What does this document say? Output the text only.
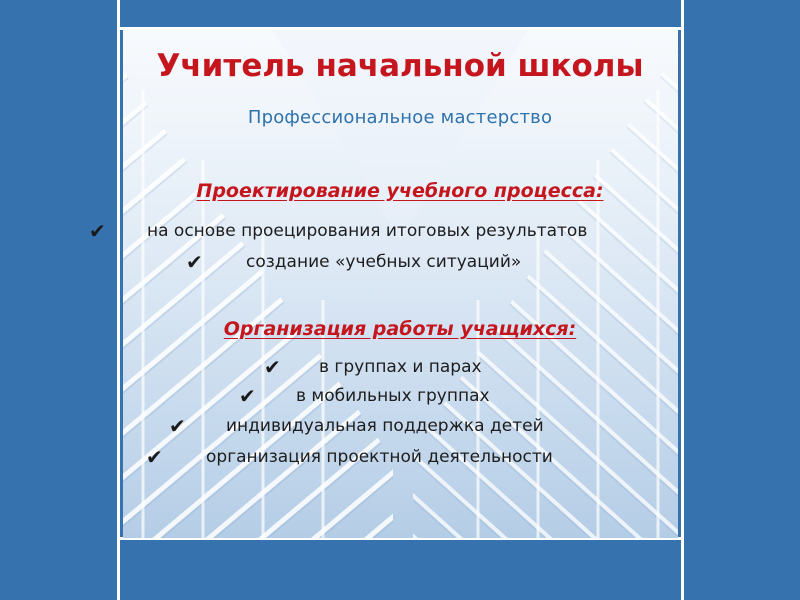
Учитель начальной школы
Профессиональное мастерство
Проектирование учебного процесса:
✔ на основе проецирования итоговых результатов
✔	создание «учебных ситуаций»
Организация работы учащихся:
✔ в группах и парах
✔ в мобильных группах
✔ индивидуальная поддержка детей
✔	организация проектной деятельности
